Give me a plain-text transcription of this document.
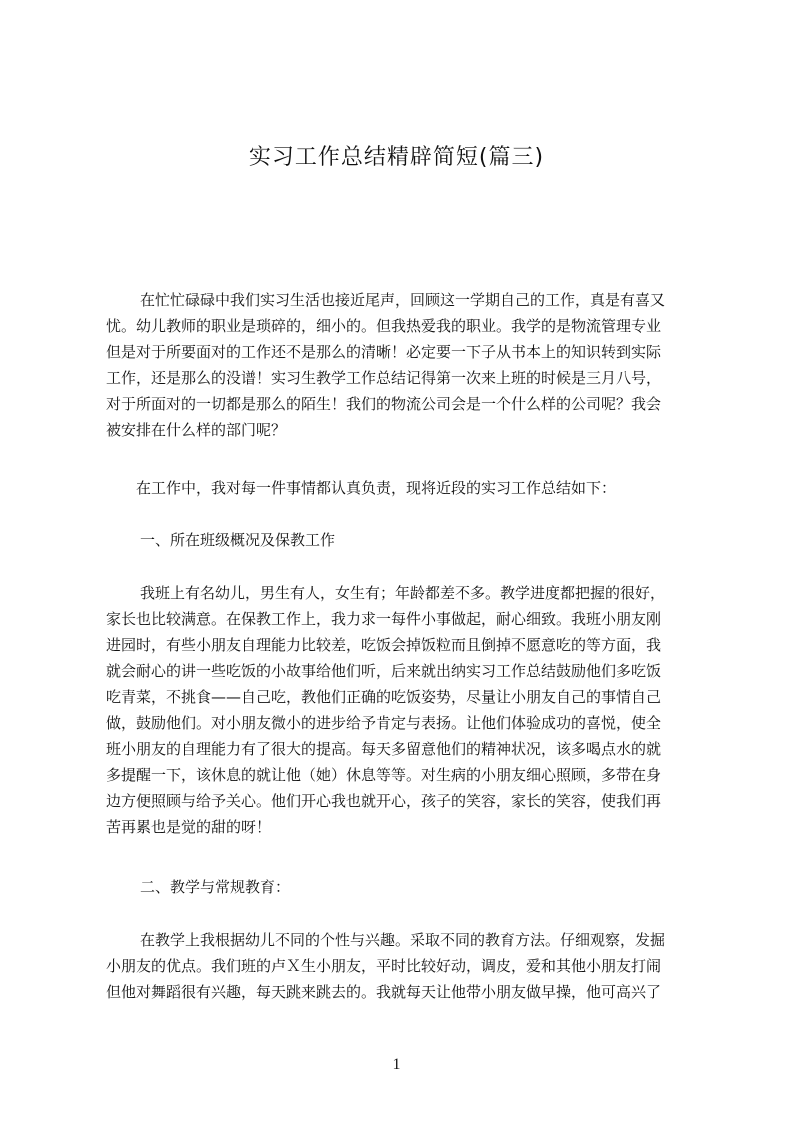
实习工作总结精辟简短(篇三)
在忙忙碌碌中我们实习生活也接近尾声，回顾这一学期自己的工作，真是有喜又
忧。幼儿教师的职业是琐碎的，细小的。但我热爱我的职业。我学的是物流管理专业
但是对于所要面对的工作还不是那么的清晰！必定要一下子从书本上的知识转到实际
工作，还是那么的没谱！实习生教学工作总结记得第一次来上班的时候是三月八号，
对于所面对的一切都是那么的陌生！我们的物流公司会是一个什么样的公司呢？我会
被安排在什么样的部门呢？
在工作中，我对每一件事情都认真负责，现将近段的实习工作总结如下：
一、所在班级概况及保教工作
我班上有名幼儿，男生有人，女生有；年龄都差不多。教学进度都把握的很好，
家长也比较满意。在保教工作上，我力求一每件小事做起，耐心细致。我班小朋友刚
进园时，有些小朋友自理能力比较差，吃饭会掉饭粒而且倒掉不愿意吃的等方面，我
就会耐心的讲一些吃饭的小故事给他们听，后来就出纳实习工作总结鼓励他们多吃饭
吃青菜，不挑食——自己吃，教他们正确的吃饭姿势，尽量让小朋友自己的事情自己
做，鼓励他们。对小朋友微小的进步给予肯定与表扬。让他们体验成功的喜悦，使全
班小朋友的自理能力有了很大的提高。每天多留意他们的精神状况，该多喝点水的就
多提醒一下，该休息的就让他（她）休息等等。对生病的小朋友细心照顾，多带在身
边方便照顾与给予关心。他们开心我也就开心，孩子的笑容，家长的笑容，使我们再
苦再累也是觉的甜的呀！
二、教学与常规教育：
在教学上我根据幼儿不同的个性与兴趣。采取不同的教育方法。仔细观察，发掘
小朋友的优点。我们班的卢Ｘ生小朋友，平时比较好动，调皮，爱和其他小朋友打闹
但他对舞蹈很有兴趣，每天跳来跳去的。我就每天让他带小朋友做早操，他可高兴了
1
